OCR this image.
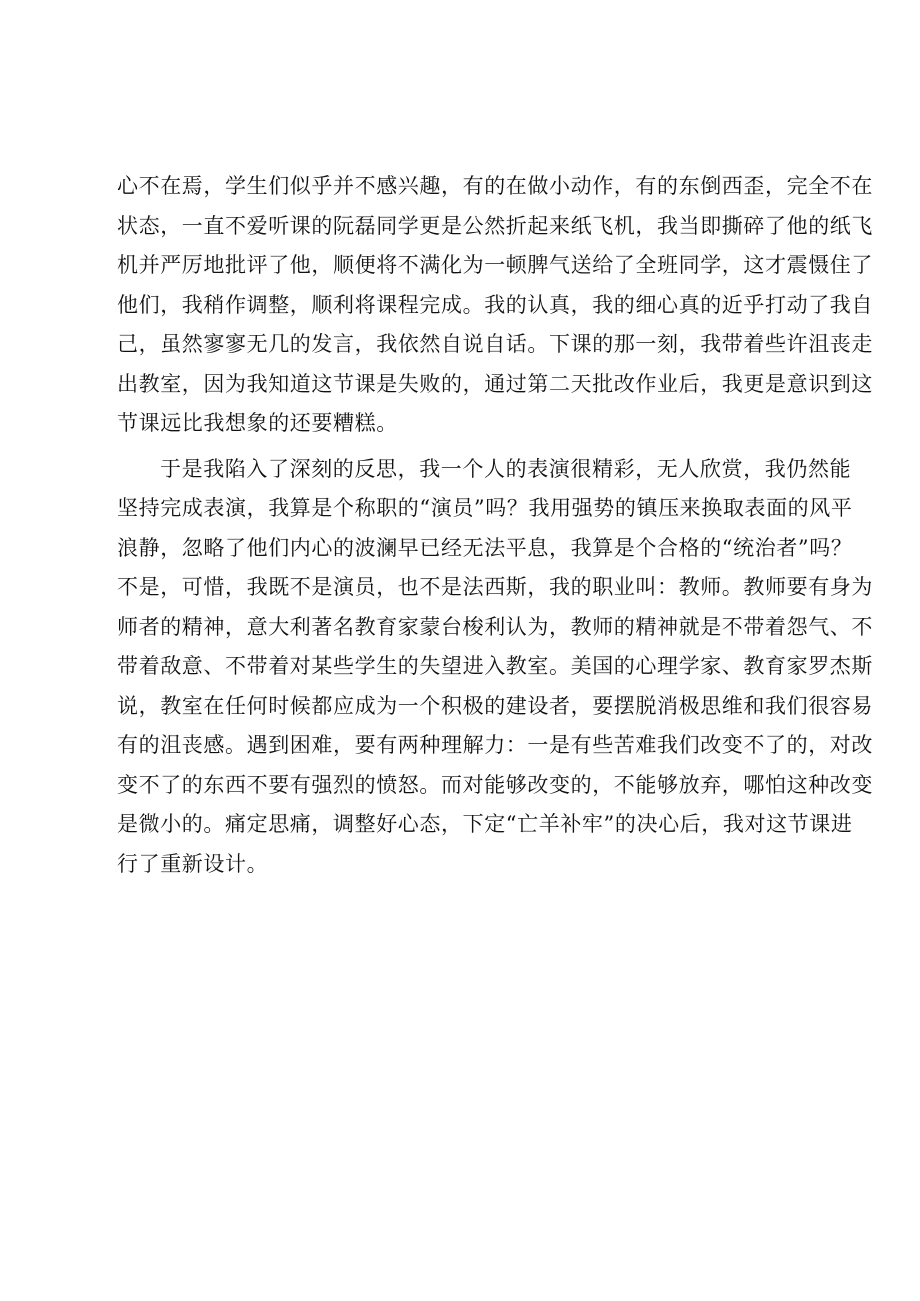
心不在焉，学生们似乎并不感兴趣，有的在做小动作，有的东倒西歪，完全不在
状态，一直不爱听课的阮磊同学更是公然折起来纸飞机，我当即撕碎了他的纸飞
机并严厉地批评了他，顺便将不满化为一顿脾气送给了全班同学，这才震慑住了
他们，我稍作调整，顺利将课程完成。我的认真，我的细心真的近乎打动了我自
己，虽然寥寥无几的发言，我依然自说自话。下课的那一刻，我带着些许沮丧走
出教室，因为我知道这节课是失败的，通过第二天批改作业后，我更是意识到这
节课远比我想象的还要糟糕。

于是我陷入了深刻的反思，我一个人的表演很精彩，无人欣赏，我仍然能
坚持完成表演，我算是个称职的“演员”吗？我用强势的镇压来换取表面的风平
浪静，忽略了他们内心的波澜早已经无法平息，我算是个合格的“统治者”吗？
不是，可惜，我既不是演员，也不是法西斯，我的职业叫：教师。教师要有身为
师者的精神，意大利著名教育家蒙台梭利认为，教师的精神就是不带着怨气、不
带着敌意、不带着对某些学生的失望进入教室。美国的心理学家、教育家罗杰斯
说，教室在任何时候都应成为一个积极的建设者，要摆脱消极思维和我们很容易
有的沮丧感。遇到困难，要有两种理解力：一是有些苦难我们改变不了的，对改
变不了的东西不要有强烈的愤怒。而对能够改变的，不能够放弃，哪怕这种改变
是微小的。痛定思痛，调整好心态，下定“亡羊补牢”的决心后，我对这节课进
行了重新设计。
